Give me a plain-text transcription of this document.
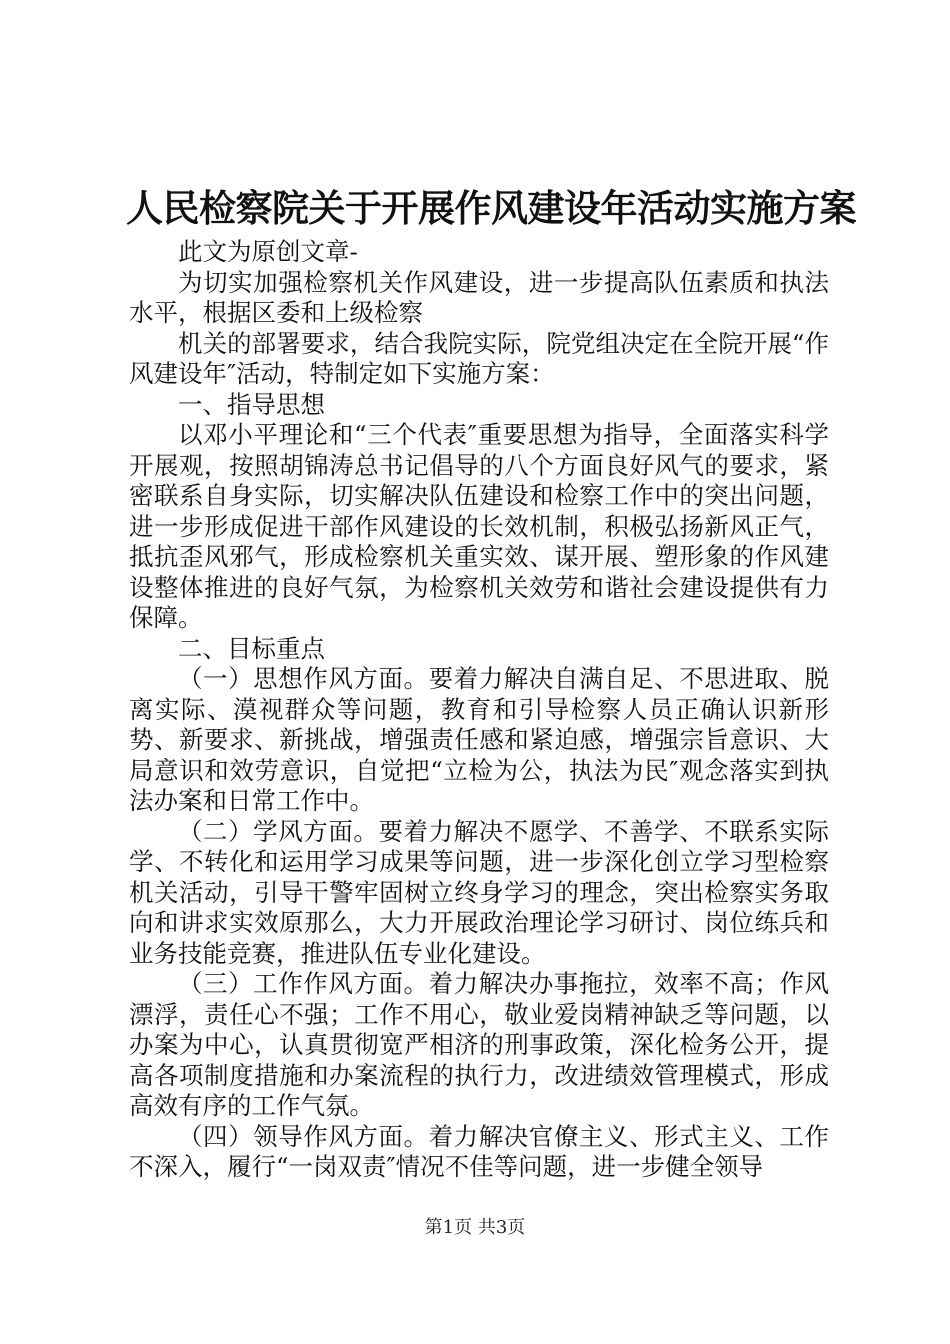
人民检察院关于开展作风建设年活动实施方案

此文为原创文章-

为切实加强检察机关作风建设，进一步提高队伍素质和执法水平，根据区委和上级检察

机关的部署要求，结合我院实际，院党组决定在全院开展“作风建设年″活动，特制定如下实施方案：

一、指导思想

以邓小平理论和“三个代表″重要思想为指导，全面落实科学开展观，按照胡锦涛总书记倡导的八个方面良好风气的要求，紧密联系自身实际，切实解决队伍建设和检察工作中的突出问题，进一步形成促进干部作风建设的长效机制，积极弘扬新风正气，抵抗歪风邪气，形成检察机关重实效、谋开展、塑形象的作风建设整体推进的良好气氛，为检察机关效劳和谐社会建设提供有力保障。

二、目标重点

（一）思想作风方面。要着力解决自满自足、不思进取、脱离实际、漠视群众等问题，教育和引导检察人员正确认识新形势、新要求、新挑战，增强责任感和紧迫感，增强宗旨意识、大局意识和效劳意识，自觉把“立检为公，执法为民″观念落实到执法办案和日常工作中。

（二）学风方面。要着力解决不愿学、不善学、不联系实际学、不转化和运用学习成果等问题，进一步深化创立学习型检察机关活动，引导干警牢固树立终身学习的理念，突出检察实务取向和讲求实效原那么，大力开展政治理论学习研讨、岗位练兵和业务技能竞赛，推进队伍专业化建设。

（三）工作作风方面。着力解决办事拖拉，效率不高；作风漂浮，责任心不强；工作不用心，敬业爱岗精神缺乏等问题，以办案为中心，认真贯彻宽严相济的刑事政策，深化检务公开，提高各项制度措施和办案流程的执行力，改进绩效管理模式，形成高效有序的工作气氛。

（四）领导作风方面。着力解决官僚主义、形式主义、工作不深入，履行“一岗双责″情况不佳等问题，进一步健全领导

第1页 共3页
